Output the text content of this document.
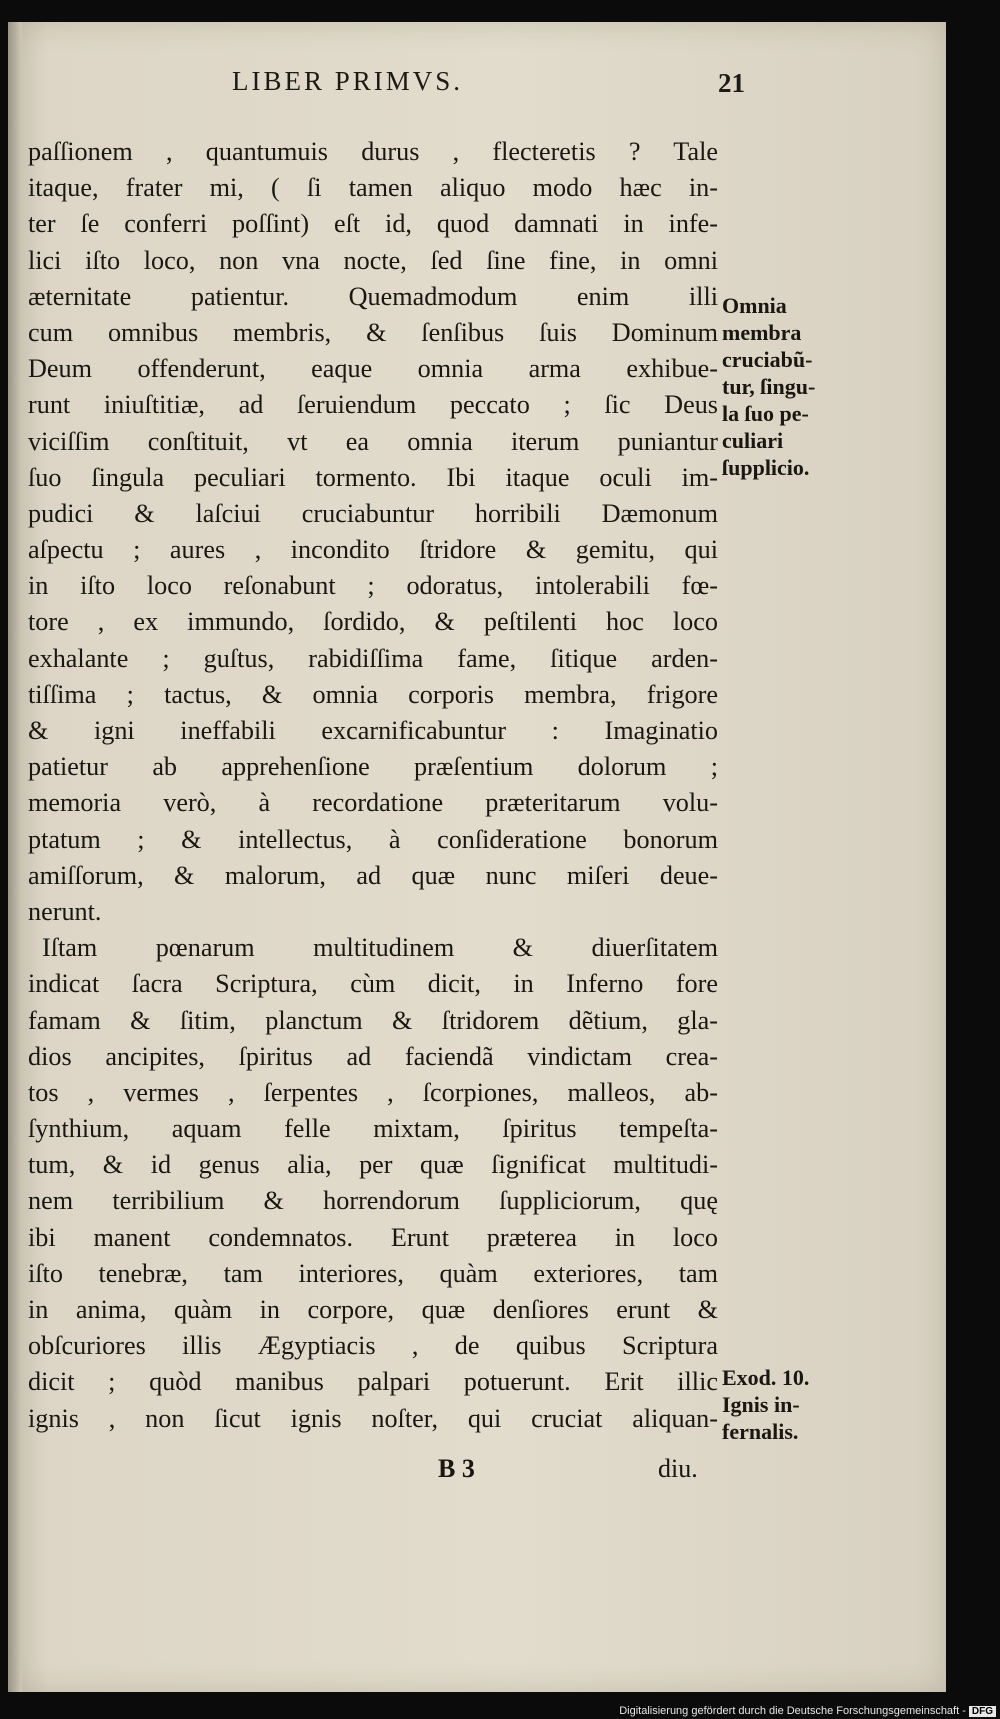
LIBER PRIMVS.	21
paſſionem , quantumuis durus , flecteretis ? Tale
itaque, frater mi, ( ſi tamen aliquo modo hæc in-
ter ſe conferri poſſint) eſt id, quod damnati in infe-
lici iſto loco, non vna nocte, ſed ſine fine, in omni
æternitate patientur. Quemadmodum enim illi
cum omnibus membris, & ſenſibus ſuis Dominum
Deum offenderunt, eaque omnia arma exhibue-
runt iniuſtitiæ, ad ſeruiendum peccato ; ſic Deus
viciſſim conſtituit, vt ea omnia iterum puniantur
ſuo ſingula peculiari tormento. Ibi itaque oculi im-
pudici & laſciui cruciabuntur horribili Dæmonum
aſpectu ; aures , incondito ſtridore & gemitu, qui
in iſto loco reſonabunt ; odoratus, intolerabili fœ-
tore , ex immundo, ſordido, & peſtilenti hoc loco
exhalante ; guſtus, rabidiſſima fame, ſitique arden-
tiſſima ; tactus, & omnia corporis membra, frigore
& igni ineffabili excarnificabuntur : Imaginatio
patietur ab apprehenſione præſentium dolorum ;
memoria verò, à recordatione præteritarum volu-
ptatum ; & intellectus, à conſideratione bonorum
amiſſorum, & malorum, ad quæ nunc miſeri deue-
nerunt.
Iſtam pœnarum multitudinem & diuerſitatem
indicat ſacra Scriptura, cùm dicit, in Inferno fore
famam & ſitim, planctum & ſtridorem dẽtium, gla-
dios ancipites, ſpiritus ad faciendã vindictam crea-
tos , vermes , ſerpentes , ſcorpiones, malleos, ab-
ſynthium, aquam felle mixtam, ſpiritus tempeſta-
tum, & id genus alia, per quæ ſignificat multitudi-
nem terribilium & horrendorum ſuppliciorum, quę
ibi manent condemnatos. Erunt præterea in loco
iſto tenebræ, tam interiores, quàm exteriores, tam
in anima, quàm in corpore, quæ denſiores erunt &
obſcuriores illis Ægyptiacis , de quibus Scriptura
dicit ; quòd manibus palpari potuerunt. Erit illic
ignis , non ſicut ignis noſter, qui cruciat aliquan-
Omnia
membra
cruciabũ-
tur, ſingu-
la ſuo pe-
culiari
ſupplicio.
Exod. 10.
Ignis in-
fernalis.
B 3	diu.
Digitalisierung gefördert durch die Deutsche Forschungsgemeinschaft - DFG
